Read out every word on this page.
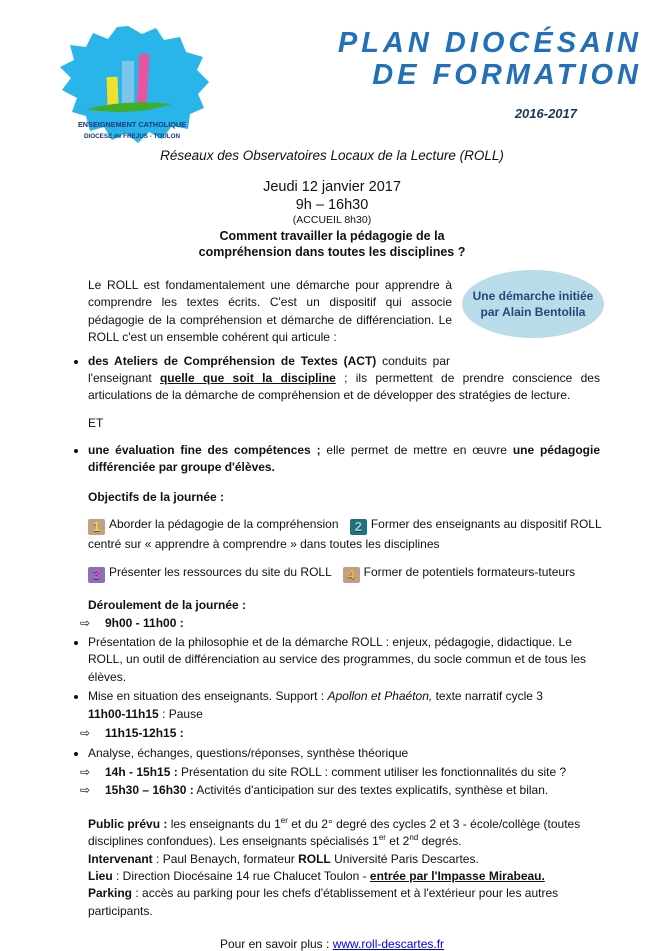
ENSEIGNEMENT CATHOLIQUE
DIOCESE de FREJUS - TOULON
PLAN DIOCÉSAIN
DE FORMATION
2016-2017
Réseaux des Observatoires Locaux de la Lecture (ROLL)
Jeudi 12 janvier 2017
9h – 16h30
(ACCUEIL 8h30)
Comment travailler la pédagogie de la
compréhension dans toutes les disciplines ?

Le ROLL est fondamentalement une démarche pour apprendre à comprendre les textes écrits. C'est un dispositif qui associe pédagogie de la compréhension et démarche de différenciation. Le ROLL c'est un ensemble cohérent qui articule :

Une démarche initiée par Alain Bentolila
• des Ateliers de Compréhension de Textes (ACT) conduits par l'enseignant quelle que soit la discipline ; ils permettent de prendre conscience des articulations de la démarche de compréhension et de développer des stratégies de lecture.
ET
• une évaluation fine des compétences ; elle permet de mettre en œuvre une pédagogie différenciée par groupe d'élèves.
Objectifs de la journée :

1 Aborder la pédagogie de la compréhension 2 Former des enseignants au dispositif ROLL centré sur « apprendre à comprendre » dans toutes les disciplines

3 Présenter les ressources du site du ROLL 4 Former de potentiels formateurs-tuteurs

Déroulement de la journée :
⇨	9h00 - 11h00 :
• Présentation de la philosophie et de la démarche ROLL : enjeux, pédagogie, didactique. Le ROLL, un outil de différenciation au service des programmes, du socle commun et de tous les élèves.
• Mise en situation des enseignants. Support : Apollon et Phaéton, texte narratif cycle 3
11h00-11h15 : Pause
⇨	11h15-12h15 :
• Analyse, échanges, questions/réponses, synthèse théorique
⇨	14h - 15h15 : Présentation du site ROLL : comment utiliser les fonctionnalités du site ?
⇨	15h30 – 16h30 : Activités d'anticipation sur des textes explicatifs, synthèse et bilan.

Public prévu : les enseignants du 1er et du 2° degré des cycles 2 et 3 - école/collège (toutes disciplines confondues). Les enseignants spécialisés 1er et 2nd degrés.

Intervenant : Paul Benaych, formateur ROLL Université Paris Descartes.

Lieu : Direction Diocésaine 14 rue Chalucet Toulon - entrée par l'Impasse Mirabeau.

Parking : accès au parking pour les chefs d'établissement et à l'extérieur pour les autres participants.

Pour en savoir plus : www.roll-descartes.fr
